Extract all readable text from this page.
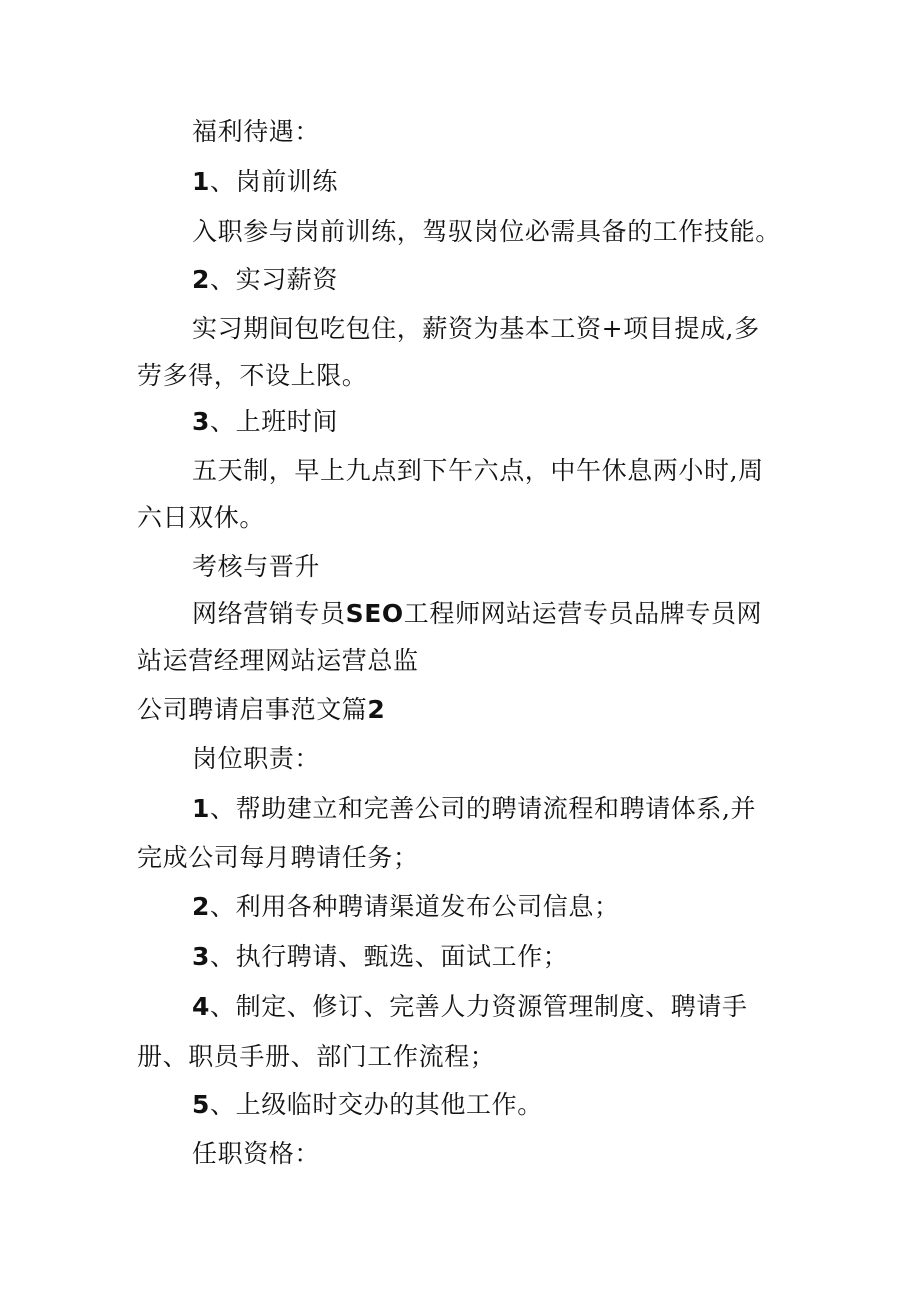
福利待遇：

1、岗前训练

入职参与岗前训练，驾驭岗位必需具备的工作技能。

2、实习薪资

实习期间包吃包住，薪资为基本工资+项目提成,多

劳多得，不设上限。

3、上班时间

五天制，早上九点到下午六点，中午休息两小时,周

六日双休。

考核与晋升

网络营销专员SEO工程师网站运营专员品牌专员网

站运营经理网站运营总监

公司聘请启事范文篇2

岗位职责：

1、帮助建立和完善公司的聘请流程和聘请体系,并

完成公司每月聘请任务；

2、利用各种聘请渠道发布公司信息；

3、执行聘请、甄选、面试工作；

4、制定、修订、完善人力资源管理制度、聘请手

册、职员手册、部门工作流程；

5、上级临时交办的其他工作。

任职资格：
